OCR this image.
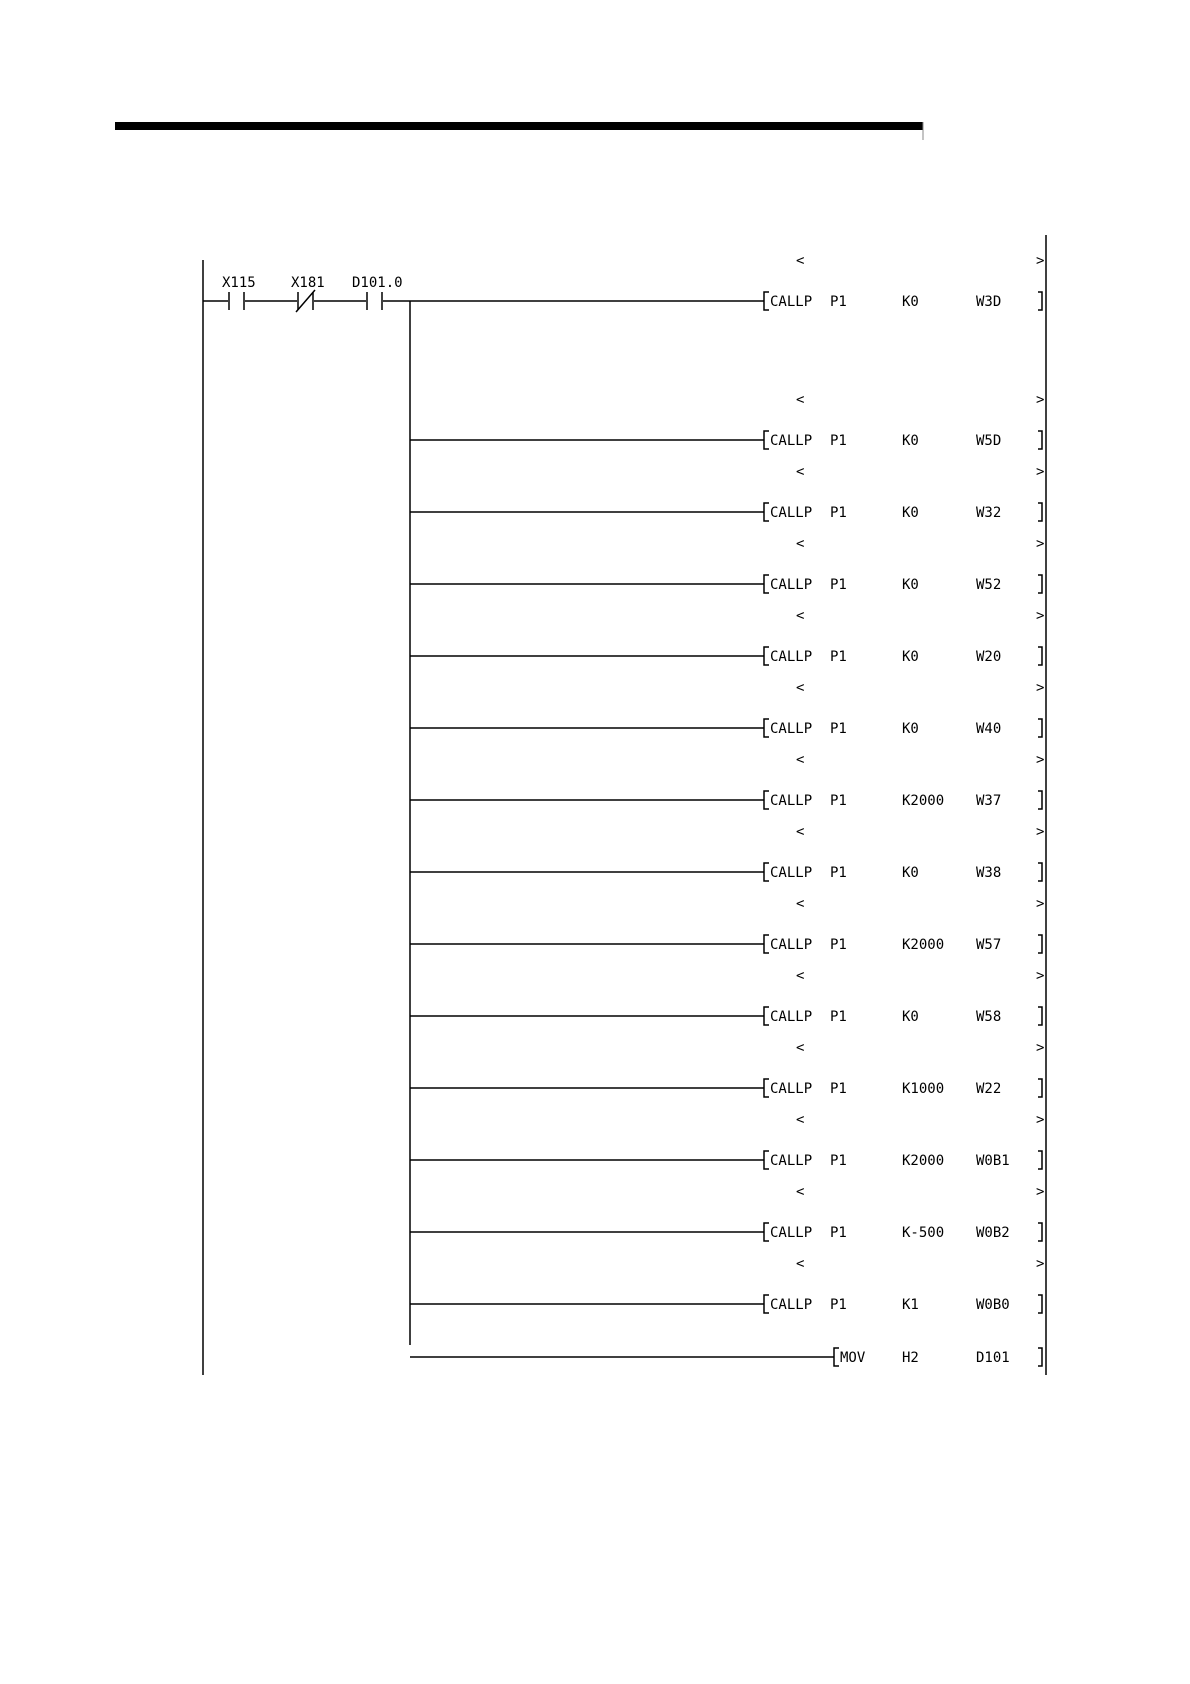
X115	X181 D101.0
CALLP P1	K0	W3D
<	>
CALLP P1	K0	W5D
<	>
CALLP P1	K0	W32
<	>
CALLP P1	K0	W52
<	>
CALLP P1	K0	W20
<	>
CALLP P1	K0	W40
<	>
CALLP P1	K2000 W37
<	>
CALLP P1	K0	W38
<	>
CALLP P1	K2000 W57
<	>
CALLP P1	K0	W58
<	>
CALLP P1	K1000 W22
<	>
CALLP P1	K2000 W0B1
<	>
CALLP P1	K-500 W0B2
<	>
CALLP P1	K1	W0B0
<	>
MOV	H2	D101
